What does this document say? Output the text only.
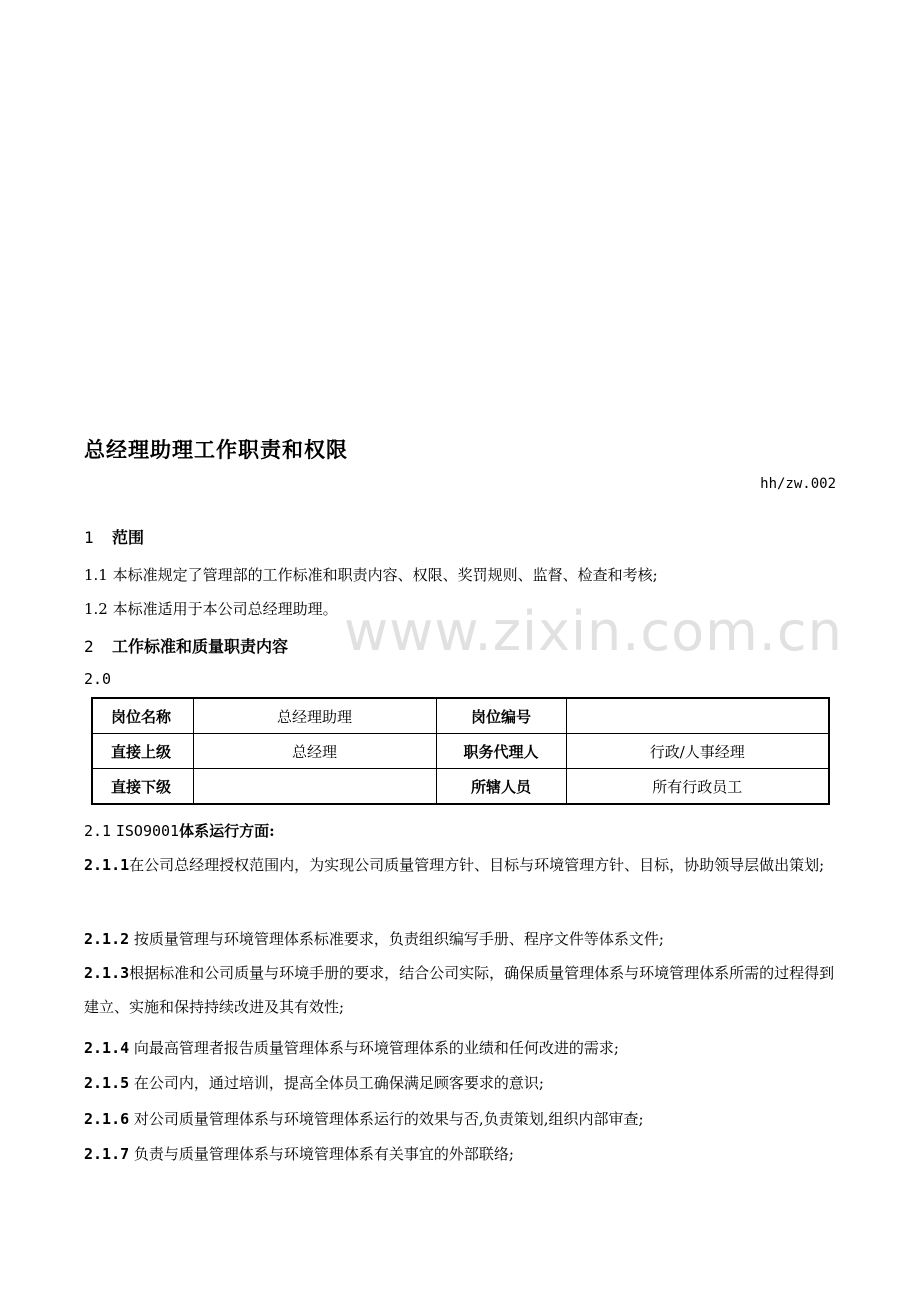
www.zixin.com.cn
总经理助理工作职责和权限
hh/zw.002
1 范围
1.1 本标准规定了管理部的工作标准和职责内容、权限、奖罚规则、监督、检查和考核;
1.2 本标准适用于本公司总经理助理。
2 工作标准和质量职责内容
2.0
岗位名称	总经理助理	岗位编号	
直接上级	总经理	职务代理人	行政/人事经理
直接下级		所辖人员	所有行政员工
2.1 ISO9001体系运行方面:
2.1.1在公司总经理授权范围内，为实现公司质量管理方针、目标与环境管理方针、目标，协助领导层做出策划;
2.1.2 按质量管理与环境管理体系标准要求，负责组织编写手册、程序文件等体系文件;
2.1.3根据标准和公司质量与环境手册的要求，结合公司实际，确保质量管理体系与环境管理体系所需的过程得到建立、实施和保持持续改进及其有效性;
2.1.4 向最高管理者报告质量管理体系与环境管理体系的业绩和任何改进的需求;
2.1.5 在公司内，通过培训，提高全体员工确保满足顾客要求的意识;
2.1.6 对公司质量管理体系与环境管理体系运行的效果与否,负责策划,组织内部审查;
2.1.7 负责与质量管理体系与环境管理体系有关事宜的外部联络;
